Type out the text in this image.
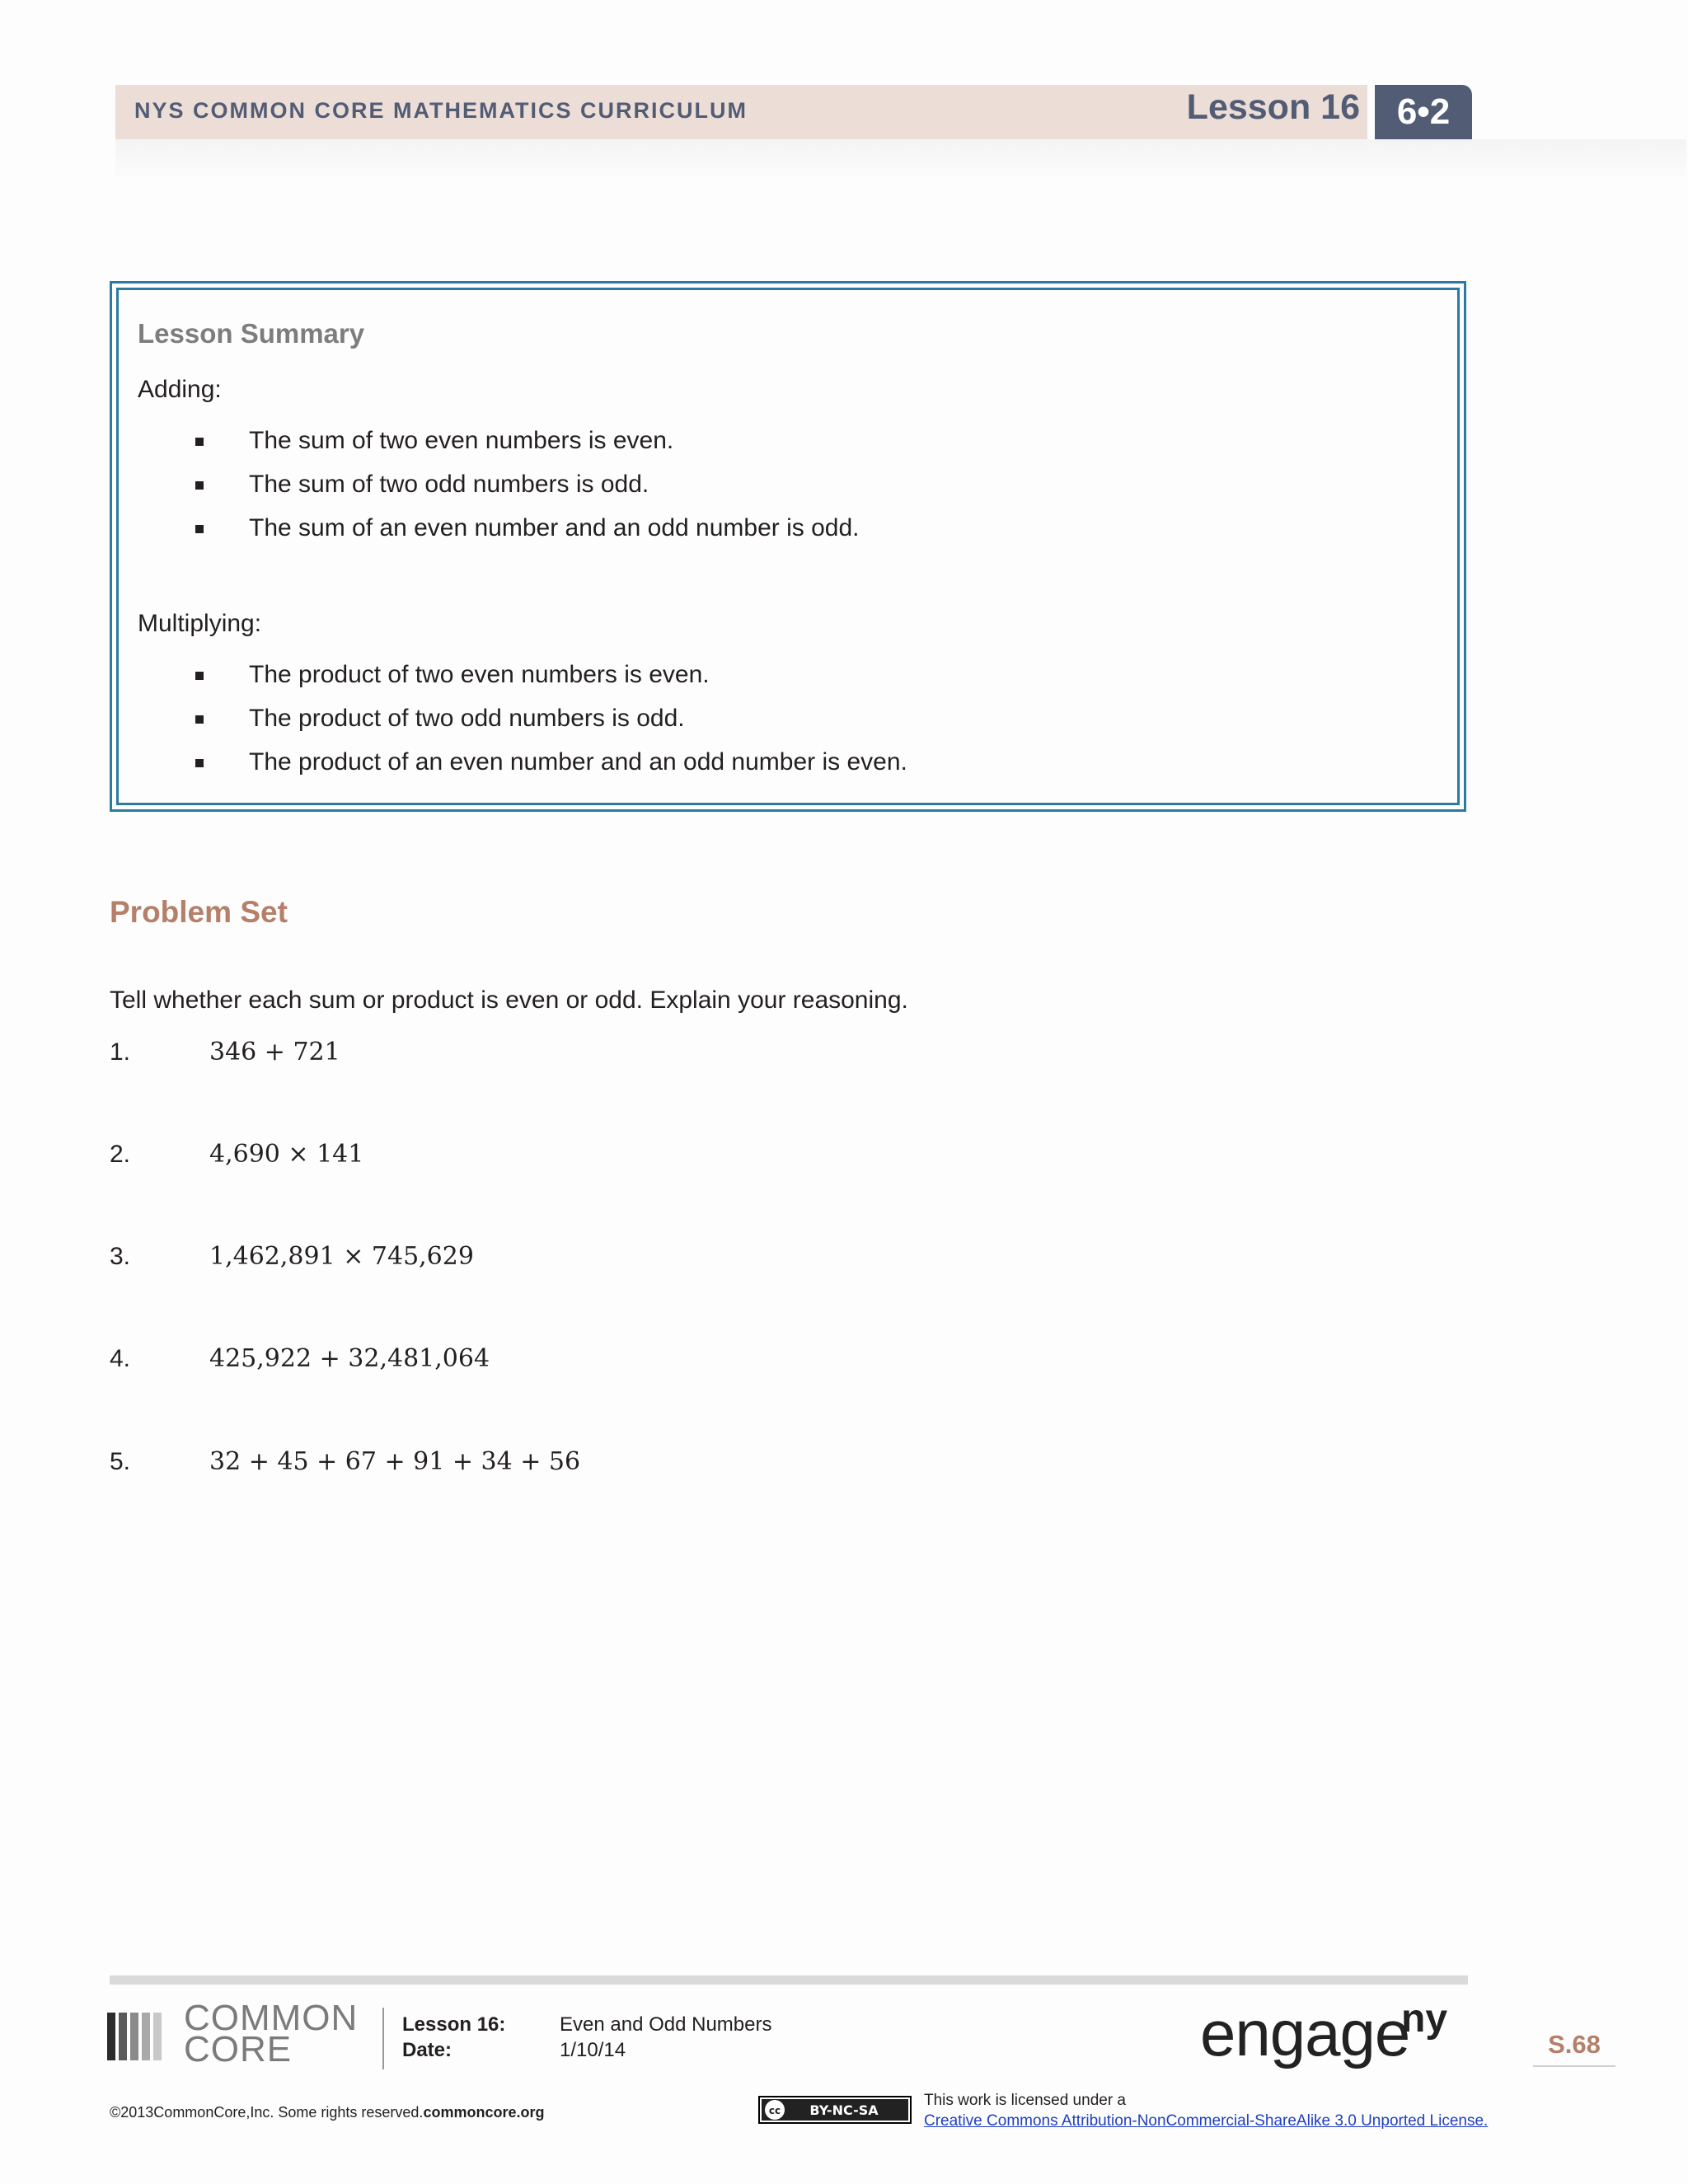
NYS COMMON CORE MATHEMATICS CURRICULUM	Lesson 16	6•2
Lesson Summary
Adding:
The sum of two even numbers is even.
The sum of two odd numbers is odd.
The sum of an even number and an odd number is odd.
Multiplying:
The product of two even numbers is even.
The product of two odd numbers is odd.
The product of an even number and an odd number is even.
Problem Set
Tell whether each sum or product is even or odd. Explain your reasoning.
1.	346 + 721
2.	4,690 × 141
3.	1,462,891 × 745,629
4.	425,922 + 32,481,064
5.	32 + 45 + 67 + 91 + 34 + 56
COMMON
CORE
Lesson 16:	Even and Odd Numbers
Date:	1/10/14	engage
ny
S.68
©2013CommonCore,Inc. Some rights reserved.commoncore.org	cc BY-NC-SA
This work is licensed under a
Creative Commons Attribution-NonCommercial-ShareAlike 3.0 Unported License.
